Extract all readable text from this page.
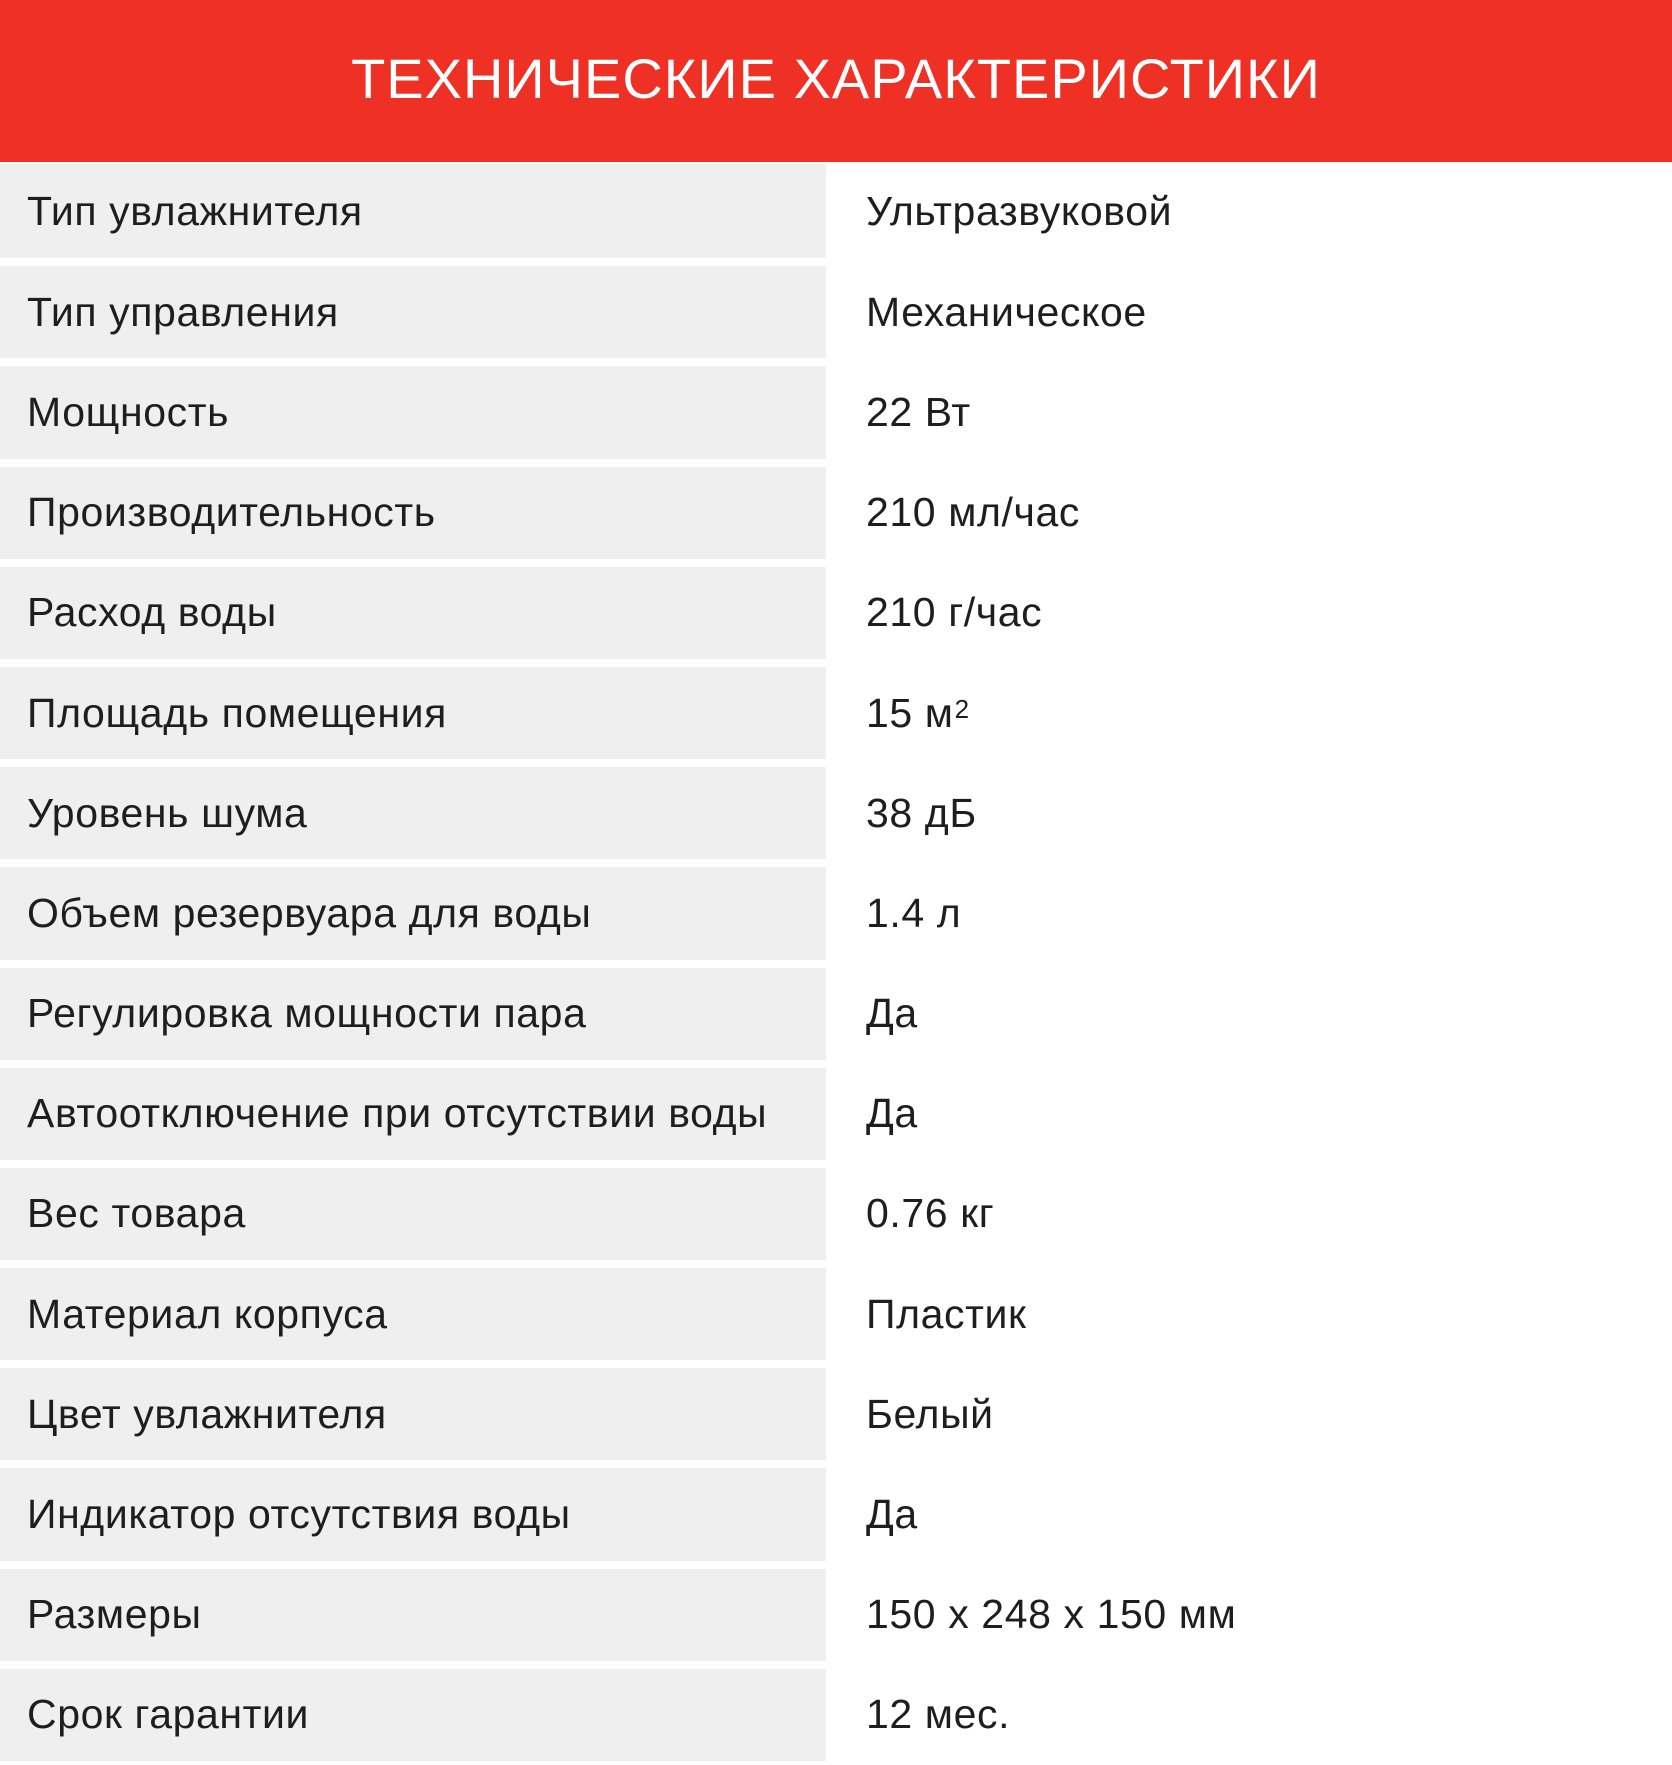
ТЕХНИЧЕСКИЕ ХАРАКТЕРИСТИКИ
Тип увлажнителя	Ультразвуковой
Тип управления	Механическое
Мощность	22 Вт
Производительность	210 мл/час
Расход воды	210 г/час
Площадь помещения	15 $м^2$
Уровень шума	38 дБ
Объем резервуара для воды	1.4 л
Регулировка мощности пара	Да
Автоотключение при отсутствии воды	Да
Вес товара	0.76 кг
Материал корпуса	Пластик
Цвет увлажнителя	Белый
Индикатор отсутствия воды	Да
Размеры	150 x 248 x 150 мм
Срок гарантии	12 мес.
